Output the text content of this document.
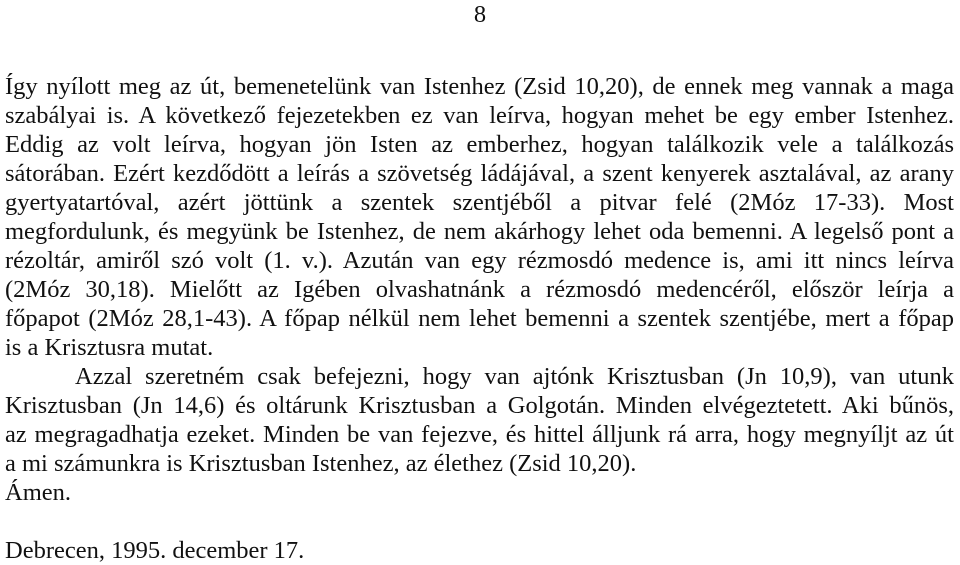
8
Így nyílott meg az út, bemenetelünk van Istenhez (Zsid 10,20), de ennek meg vannak a maga
szabályai is. A következő fejezetekben ez van leírva, hogyan mehet be egy ember Istenhez.
Eddig az volt leírva, hogyan jön Isten az emberhez, hogyan találkozik vele a találkozás
sátorában. Ezért kezdődött a leírás a szövetség ládájával, a szent kenyerek asztalával, az arany
gyertyatartóval, azért jöttünk a szentek szentjéből a pitvar felé (2Móz 17-33). Most
megfordulunk, és megyünk be Istenhez, de nem akárhogy lehet oda bemenni. A legelső pont a
rézoltár, amiről szó volt (1. v.). Azután van egy rézmosdó medence is, ami itt nincs leírva
(2Móz 30,18). Mielőtt az Igében olvashatnánk a rézmosdó medencéről, először leírja a
főpapot (2Móz 28,1-43). A főpap nélkül nem lehet bemenni a szentek szentjébe, mert a főpap
is a Krisztusra mutat.
Azzal szeretném csak befejezni, hogy van ajtónk Krisztusban (Jn 10,9), van utunk
Krisztusban (Jn 14,6) és oltárunk Krisztusban a Golgotán. Minden elvégeztetett. Aki bűnös,
az megragadhatja ezeket. Minden be van fejezve, és hittel álljunk rá arra, hogy megnyíljt az út
a mi számunkra is Krisztusban Istenhez, az élethez (Zsid 10,20).
Ámen.
Debrecen, 1995. december 17.
